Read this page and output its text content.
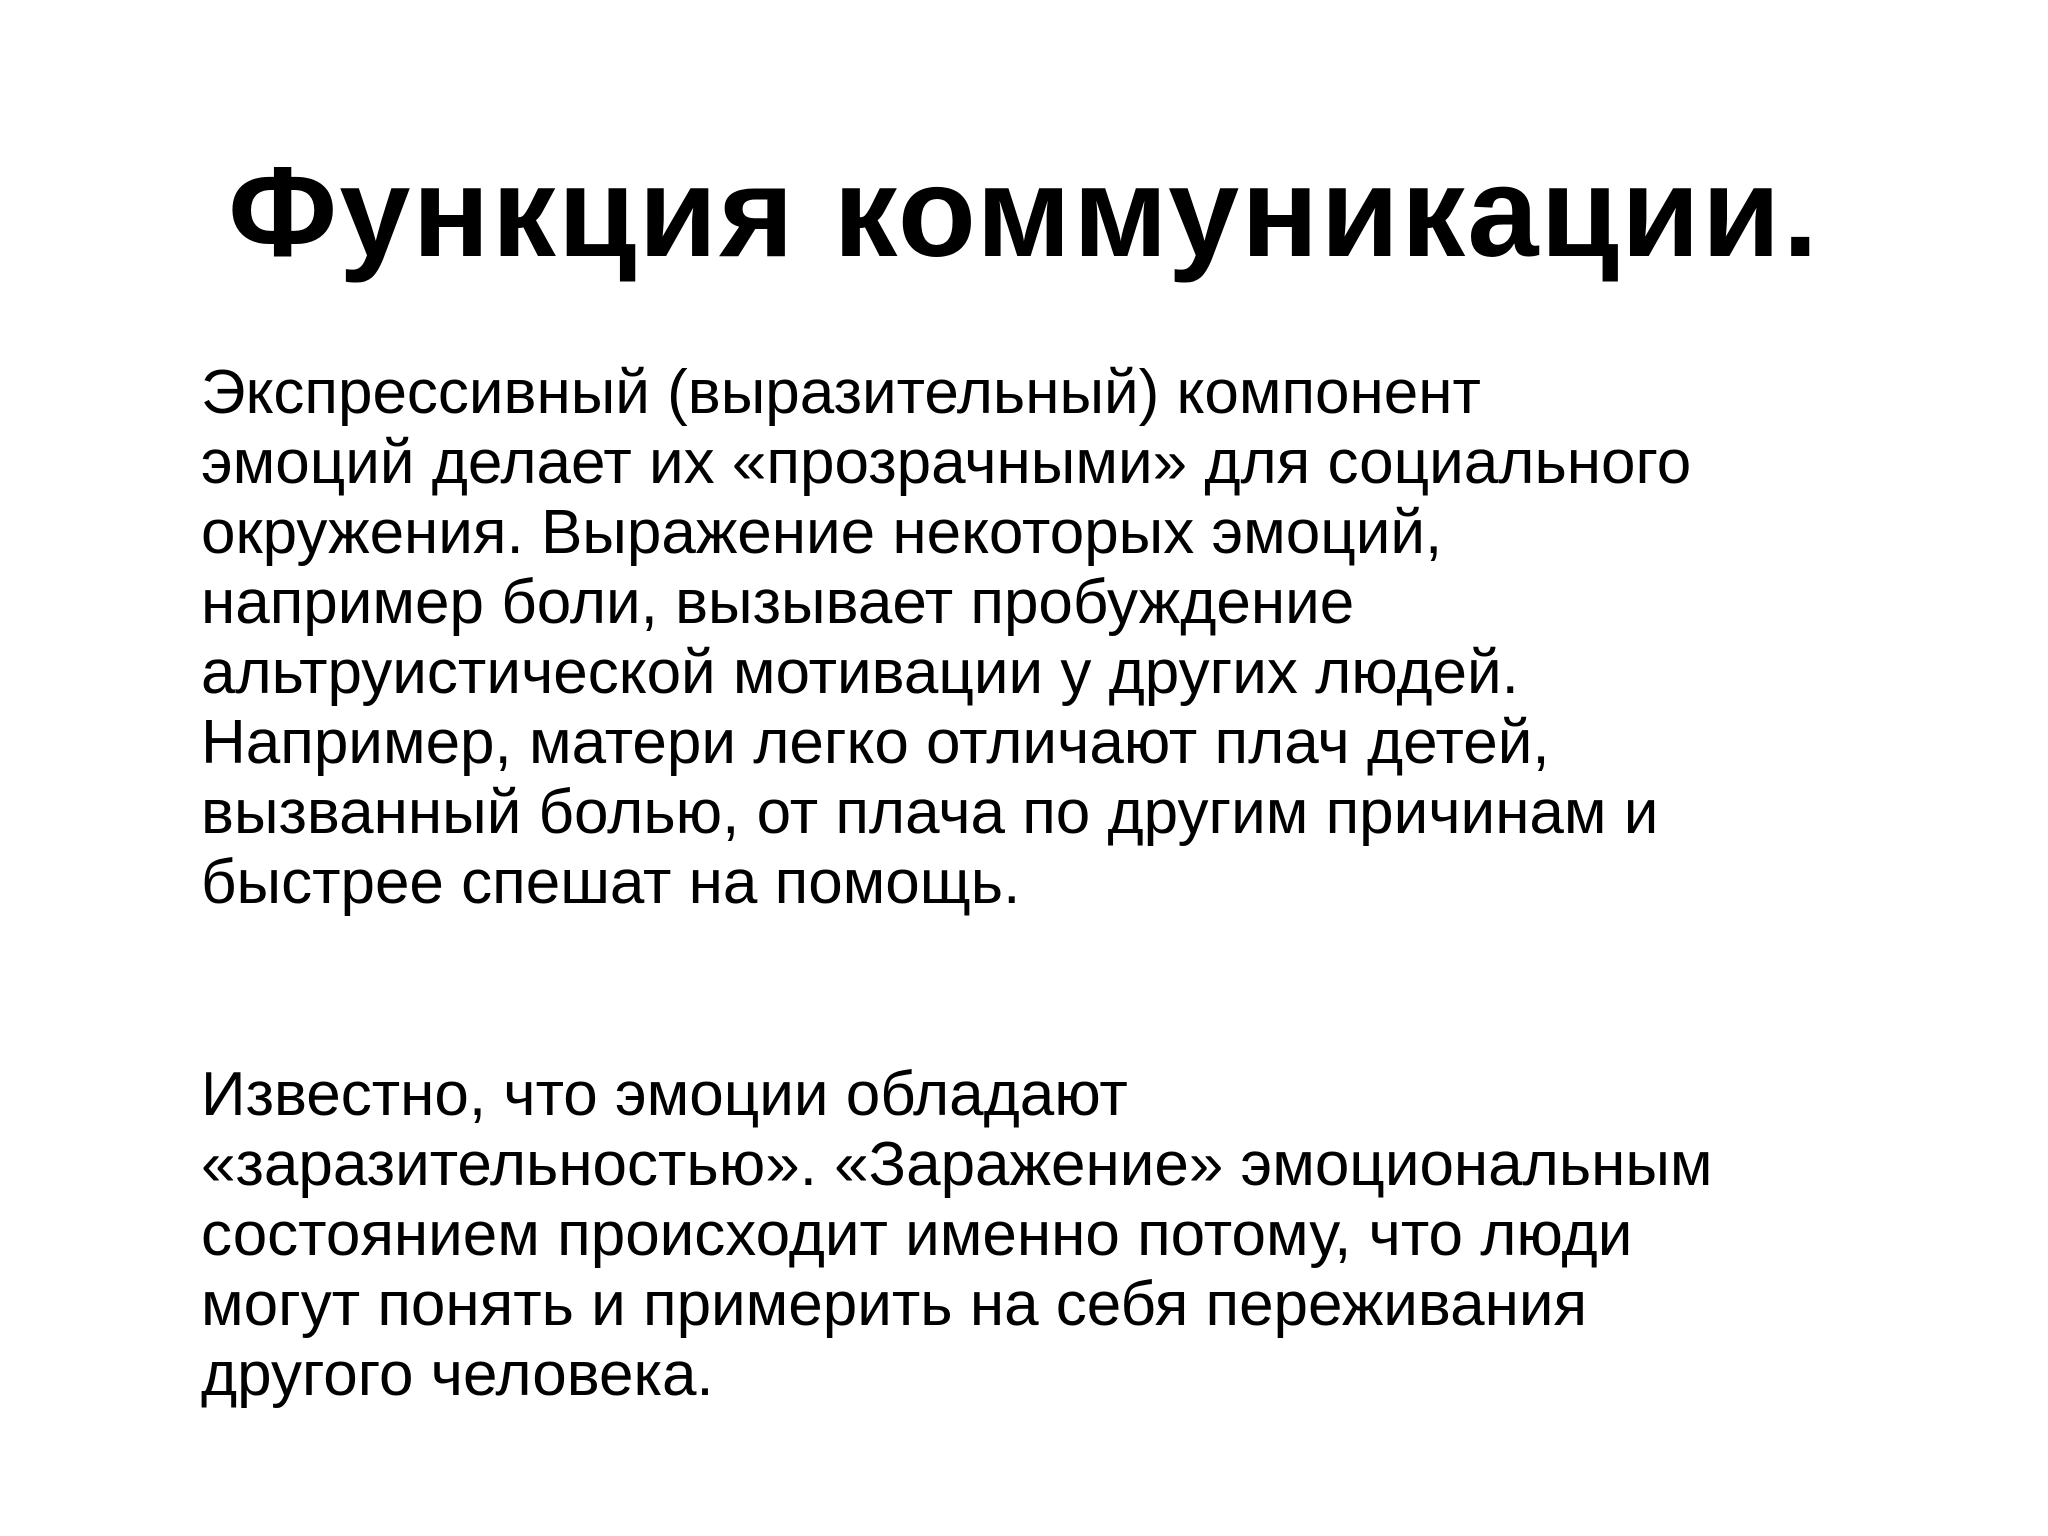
Функция коммуникации.

Экспрессивный (выразительный) компонент
эмоций делает их «прозрачными» для социального
окружения. Выражение некоторых эмоций,
например боли, вызывает пробуждение
альтруистической мотивации у других людей.
Например, матери легко отличают плач детей,
вызванный болью, от плача по другим причинам и
быстрее спешат на помощь.

Известно, что эмоции обладают
«заразительностью». «Заражение» эмоциональным
состоянием происходит именно потому, что люди
могут понять и примерить на себя переживания
другого человека.
